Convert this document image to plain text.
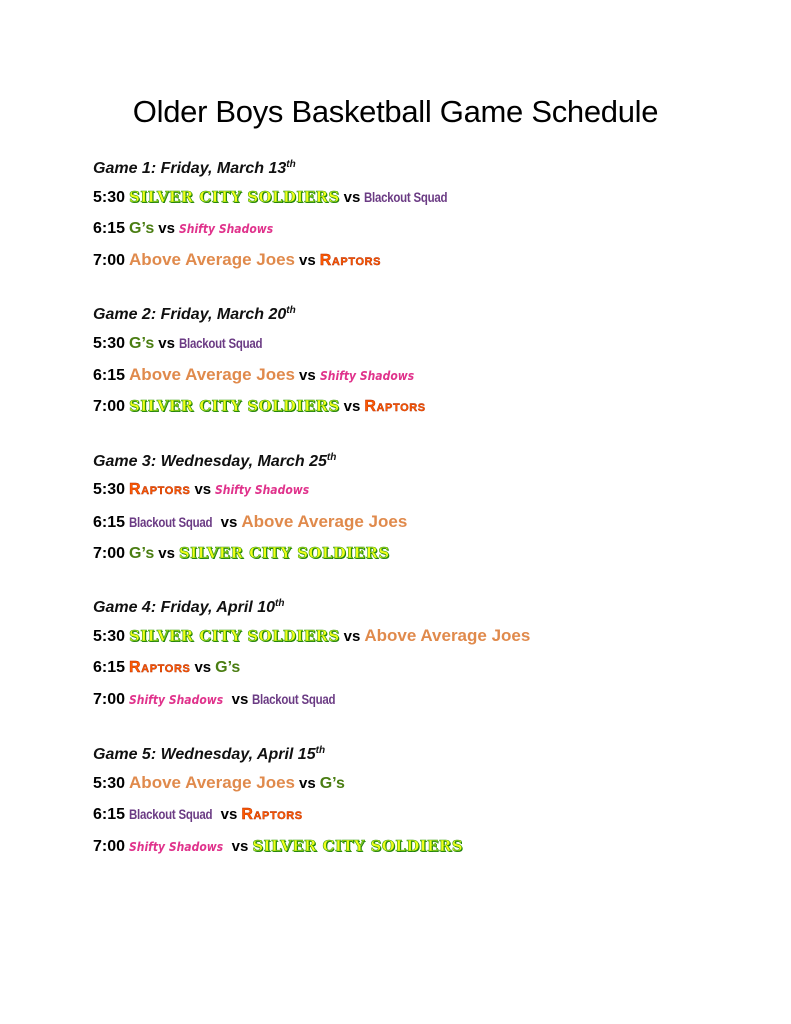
Older Boys Basketball Game Schedule
Game 1: Friday, March 13th
5:30 SILVER CITY SOLDIERS vs Blackout Squad
6:15 G’s vs Shifty Shadows
7:00 Above Average Joes vs Raptors
Game 2: Friday, March 20th
5:30 G’s vs Blackout Squad
6:15 Above Average Joes vs Shifty Shadows
7:00 SILVER CITY SOLDIERS vs Raptors
Game 3: Wednesday, March 25th
5:30 Raptors vs Shifty Shadows
6:15 Blackout Squad vs Above Average Joes
7:00 G’s vs SILVER CITY SOLDIERS
Game 4: Friday, April 10th
5:30 SILVER CITY SOLDIERS vs Above Average Joes
6:15 Raptors vs G’s
7:00 Shifty Shadows vs Blackout Squad
Game 5: Wednesday, April 15th
5:30 Above Average Joes vs G’s
6:15 Blackout Squad vs Raptors
7:00 Shifty Shadows vs SILVER CITY SOLDIERS
